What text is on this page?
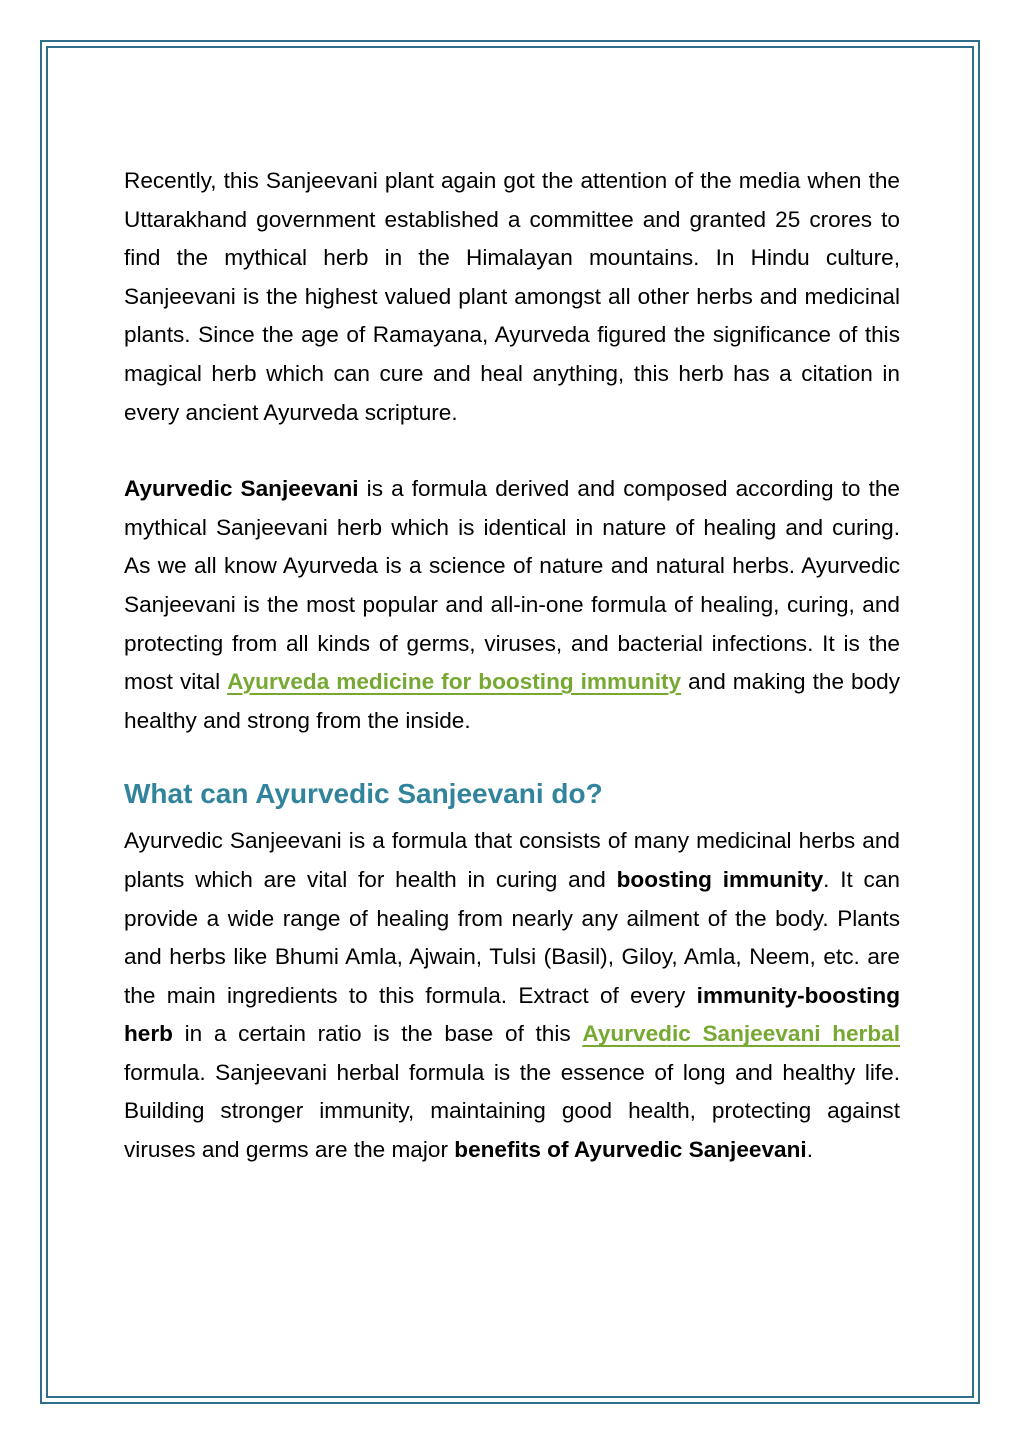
Recently, this Sanjeevani plant again got the attention of the media when the Uttarakhand government established a committee and granted 25 crores to find the mythical herb in the Himalayan mountains. In Hindu culture, Sanjeevani is the highest valued plant amongst all other herbs and medicinal plants. Since the age of Ramayana, Ayurveda figured the significance of this magical herb which can cure and heal anything, this herb has a citation in every ancient Ayurveda scripture.

Ayurvedic Sanjeevani is a formula derived and composed according to the mythical Sanjeevani herb which is identical in nature of healing and curing. As we all know Ayurveda is a science of nature and natural herbs. Ayurvedic Sanjeevani is the most popular and all-in-one formula of healing, curing, and protecting from all kinds of germs, viruses, and bacterial infections. It is the most vital Ayurveda medicine for boosting immunity and making the body healthy and strong from the inside.

What can Ayurvedic Sanjeevani do?

Ayurvedic Sanjeevani is a formula that consists of many medicinal herbs and plants which are vital for health in curing and boosting immunity. It can provide a wide range of healing from nearly any ailment of the body. Plants and herbs like Bhumi Amla, Ajwain, Tulsi (Basil), Giloy, Amla, Neem, etc. are the main ingredients to this formula. Extract of every immunity-boosting herb in a certain ratio is the base of this Ayurvedic Sanjeevani herbal formula. Sanjeevani herbal formula is the essence of long and healthy life. Building stronger immunity, maintaining good health, protecting against viruses and germs are the major benefits of Ayurvedic Sanjeevani.
